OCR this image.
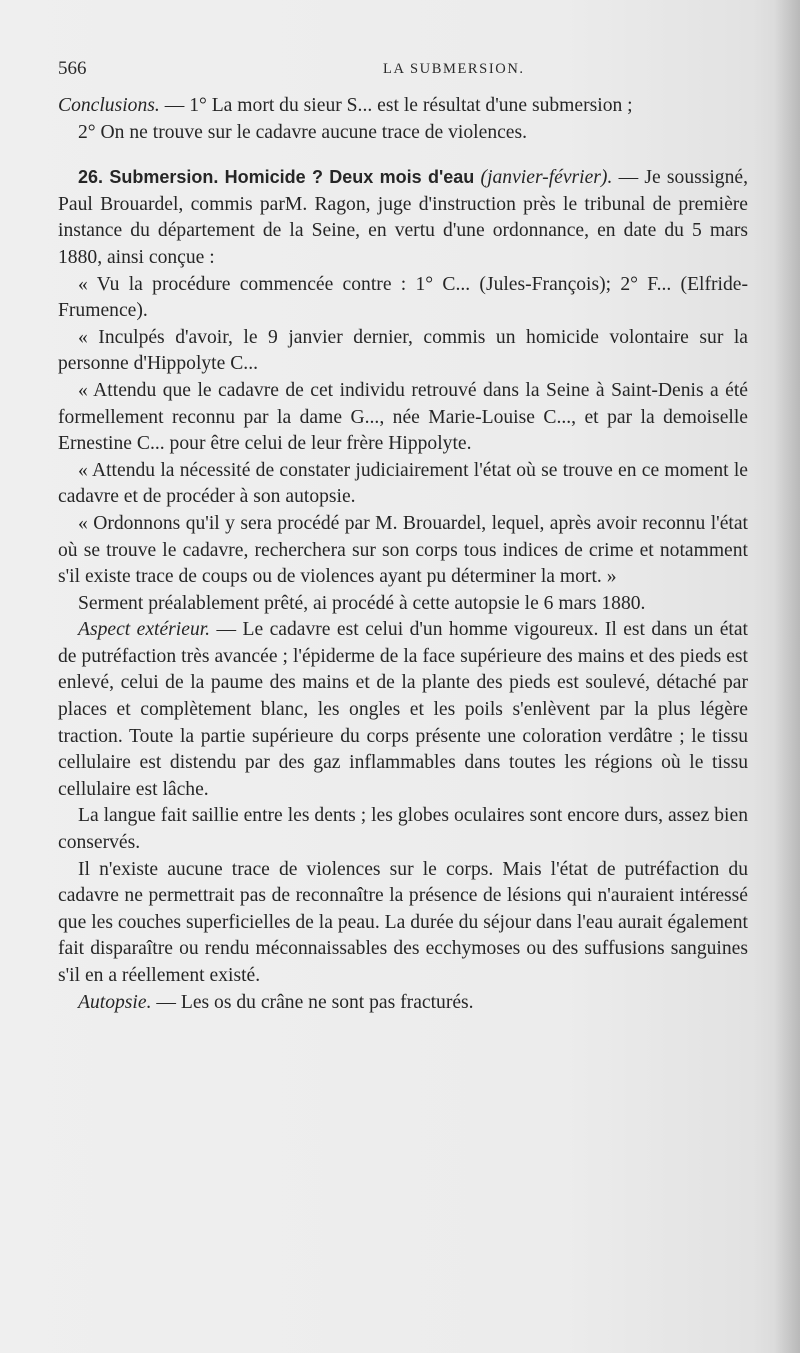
566	LA SUBMERSION.

Conclusions. — 1° La mort du sieur S... est le résultat d'une submersion ;

2° On ne trouve sur le cadavre aucune trace de violences.

26. Submersion. Homicide ? Deux mois d'eau (janvier-février). — Je soussigné, Paul Brouardel, commis parM. Ragon, juge d'instruction près le tribunal de première instance du département de la Seine, en vertu d'une ordonnance, en date du 5 mars 1880, ainsi conçue :

« Vu la procédure commencée contre : 1° C... (Jules-François); 2° F... (Elfride-Frumence).

« Inculpés d'avoir, le 9 janvier dernier, commis un homicide volontaire sur la personne d'Hippolyte C...

« Attendu que le cadavre de cet individu retrouvé dans la Seine à Saint-Denis a été formellement reconnu par la dame G..., née Marie-Louise C..., et par la demoiselle Ernestine C... pour être celui de leur frère Hippolyte.

« Attendu la nécessité de constater judiciairement l'état où se trouve en ce moment le cadavre et de procéder à son autopsie.

« Ordonnons qu'il y sera procédé par M. Brouardel, lequel, après avoir reconnu l'état où se trouve le cadavre, recherchera sur son corps tous indices de crime et notamment s'il existe trace de coups ou de violences ayant pu déterminer la mort. »

Serment préalablement prêté, ai procédé à cette autopsie le 6 mars 1880.

Aspect extérieur. — Le cadavre est celui d'un homme vigoureux. Il est dans un état de putréfaction très avancée ; l'épiderme de la face supérieure des mains et des pieds est enlevé, celui de la paume des mains et de la plante des pieds est soulevé, détaché par places et complètement blanc, les ongles et les poils s'enlèvent par la plus légère traction. Toute la partie supérieure du corps présente une coloration verdâtre ; le tissu cellulaire est distendu par des gaz inflammables dans toutes les régions où le tissu cellulaire est lâche.

La langue fait saillie entre les dents ; les globes oculaires sont encore durs, assez bien conservés.

Il n'existe aucune trace de violences sur le corps. Mais l'état de putréfaction du cadavre ne permettrait pas de reconnaître la présence de lésions qui n'auraient intéressé que les couches superficielles de la peau. La durée du séjour dans l'eau aurait également fait disparaître ou rendu méconnaissables des ecchymoses ou des suffusions sanguines s'il en a réellement existé.

Autopsie. — Les os du crâne ne sont pas fracturés.
